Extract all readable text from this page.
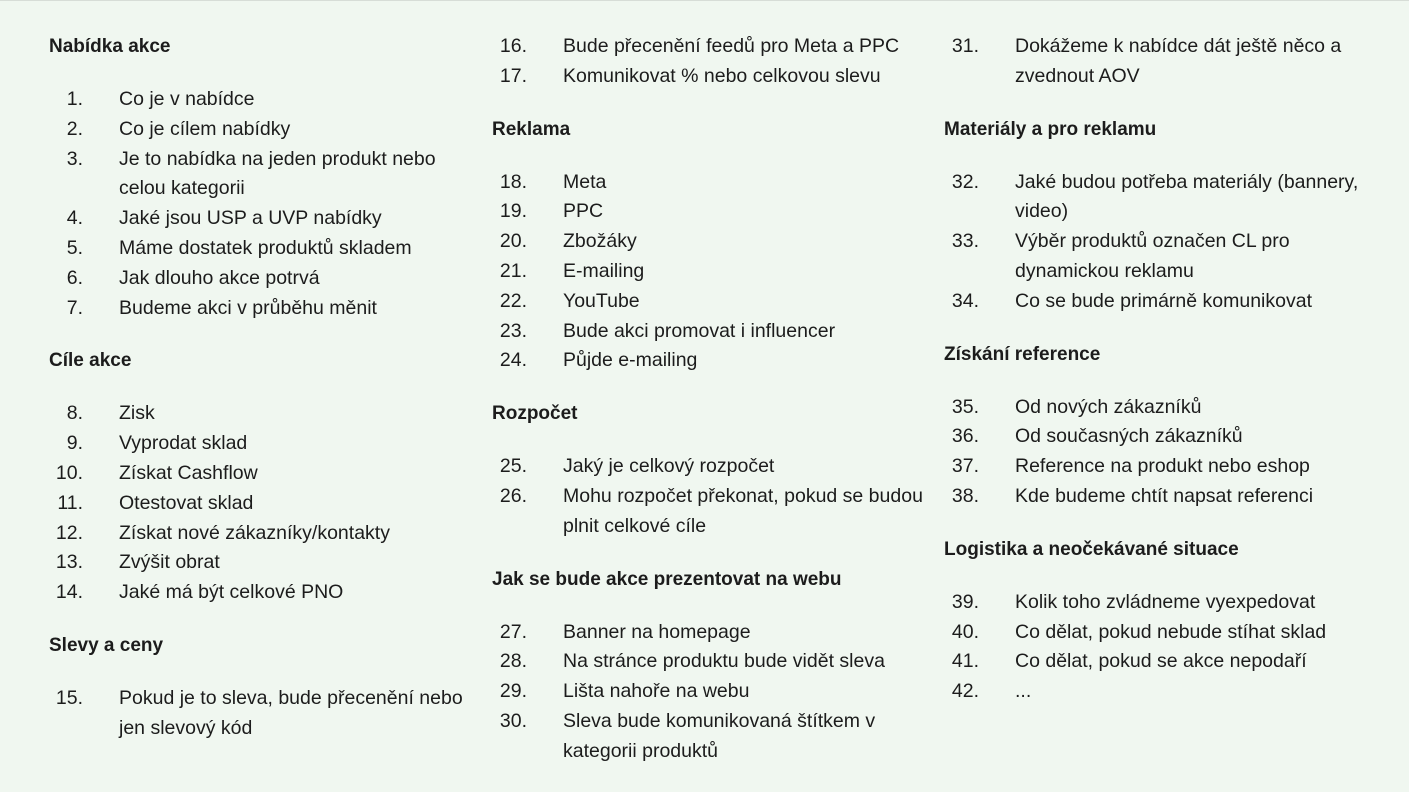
Nabídka akce
1.	Co je v nabídce
2.	Co je cílem nabídky
3.	Je to nabídka na jeden produkt nebo celou kategorii
4.	Jaké jsou USP a UVP nabídky
5.	Máme dostatek produktů skladem
6.	Jak dlouho akce potrvá
7.	Budeme akci v průběhu měnit
Cíle akce
8.	Zisk
9.	Vyprodat sklad
10.	Získat Cashflow
11.	Otestovat sklad
12.	Získat nové zákazníky/kontakty
13.	Zvýšit obrat
14.	Jaké má být celkové PNO
Slevy a ceny
15.	Pokud je to sleva, bude přecenění nebo jen slevový kód
16.	Bude přecenění feedů pro Meta a PPC
17.	Komunikovat % nebo celkovou slevu
Reklama
18.	Meta
19.	PPC
20.	Zbožáky
21.	E-mailing
22.	YouTube
23.	Bude akci promovat i influencer
24.	Půjde e-mailing
Rozpočet
25.	Jaký je celkový rozpočet
26.	Mohu rozpočet překonat, pokud se budou plnit celkové cíle
Jak se bude akce prezentovat na webu
27.	Banner na homepage
28.	Na stránce produktu bude vidět sleva
29.	Lišta nahoře na webu
30.	Sleva bude komunikovaná štítkem v kategorii produktů
31.	Dokážeme k nabídce dát ještě něco a zvednout AOV
Materiály a pro reklamu
32.	Jaké budou potřeba materiály (bannery, video)
33.	Výběr produktů označen CL pro dynamickou reklamu
34.	Co se bude primárně komunikovat
Získání reference
35.	Od nových zákazníků
36.	Od současných zákazníků
37.	Reference na produkt nebo eshop
38.	Kde budeme chtít napsat referenci
Logistika a neočekávané situace
39.	Kolik toho zvládneme vyexpedovat
40.	Co dělat, pokud nebude stíhat sklad
41.	Co dělat, pokud se akce nepodaří
42.	...
